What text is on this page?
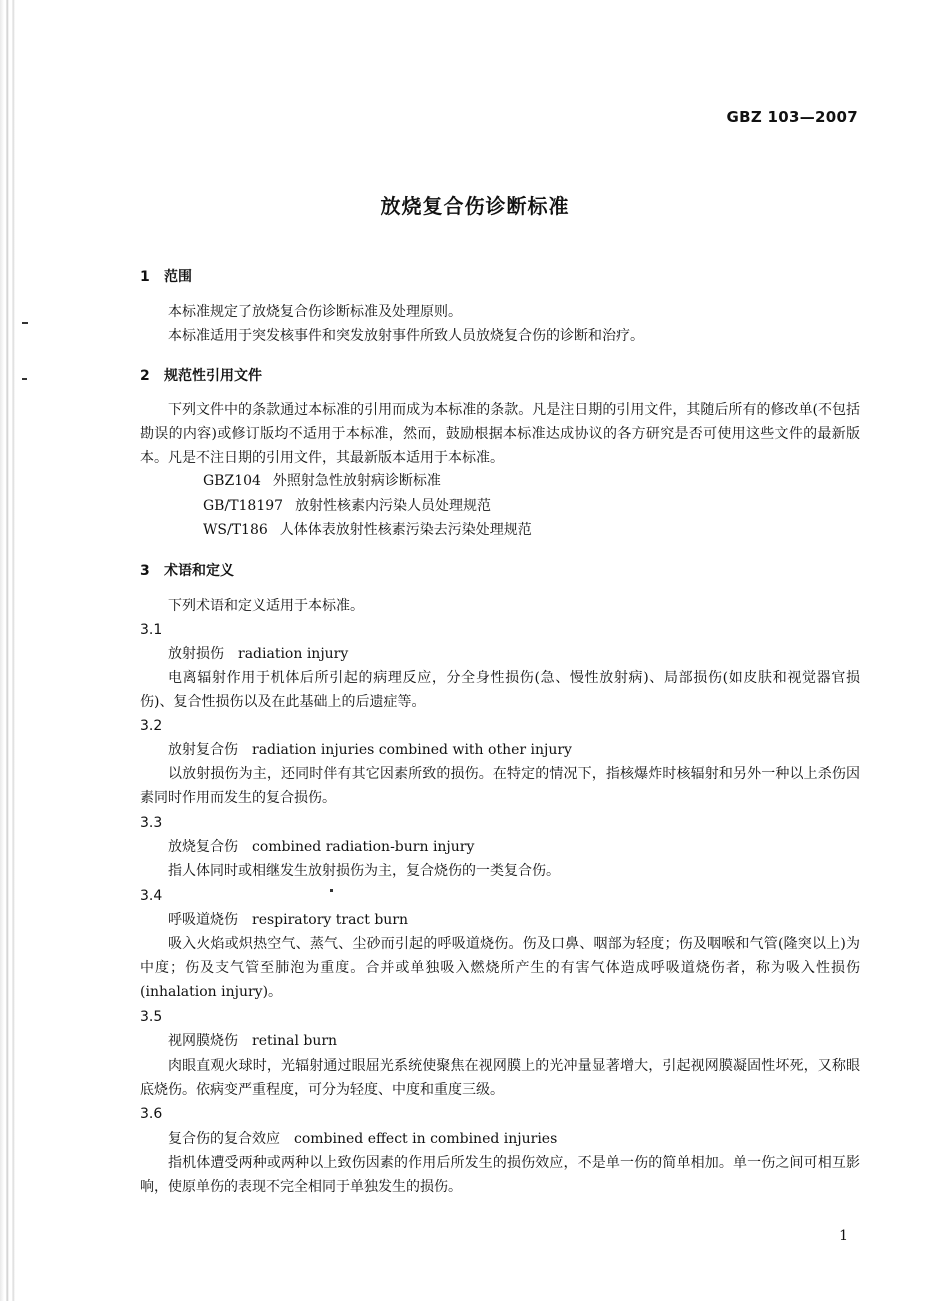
GBZ 103—2007
放烧复合伤诊断标准
1 范围
本标准规定了放烧复合伤诊断标准及处理原则。
本标准适用于突发核事件和突发放射事件所致人员放烧复合伤的诊断和治疗。
2 规范性引用文件

下列文件中的条款通过本标准的引用而成为本标准的条款。凡是注日期的引用文件，其随后所有的修改单(不包括勘误的内容)或修订版均不适用于本标准，然而，鼓励根据本标准达成协议的各方研究是否可使用这些文件的最新版本。凡是不注日期的引用文件，其最新版本适用于本标准。

GBZ104 外照射急性放射病诊断标准
GB/T18197 放射性核素内污染人员处理规范
WS/T186 人体体表放射性核素污染去污染处理规范
3 术语和定义
下列术语和定义适用于本标准。
3.1
放射损伤 radiation injury

电离辐射作用于机体后所引起的病理反应，分全身性损伤(急、慢性放射病)、局部损伤(如皮肤和视觉器官损伤)、复合性损伤以及在此基础上的后遗症等。

3.2
放射复合伤 radiation injuries combined with other injury

以放射损伤为主，还同时伴有其它因素所致的损伤。在特定的情况下，指核爆炸时核辐射和另外一种以上杀伤因素同时作用而发生的复合损伤。

3.3
放烧复合伤 combined radiation-burn injury

指人体同时或相继发生放射损伤为主，复合烧伤的一类复合伤。

3.4
呼吸道烧伤 respiratory tract burn

吸入火焰或炽热空气、蒸气、尘砂而引起的呼吸道烧伤。伤及口鼻、咽部为轻度；伤及咽喉和气管(隆突以上)为中度；伤及支气管至肺泡为重度。合并或单独吸入燃烧所产生的有害气体造成呼吸道烧伤者，称为吸入性损伤(inhalation injury)。

3.5
视网膜烧伤 retinal burn

肉眼直观火球时，光辐射通过眼屈光系统使聚焦在视网膜上的光冲量显著增大，引起视网膜凝固性坏死，又称眼底烧伤。依病变严重程度，可分为轻度、中度和重度三级。

3.6
复合伤的复合效应 combined effect in combined injuries

指机体遭受两种或两种以上致伤因素的作用后所发生的损伤效应，不是单一伤的简单相加。单一伤之间可相互影响，使原单伤的表现不完全相同于单独发生的损伤。

1
